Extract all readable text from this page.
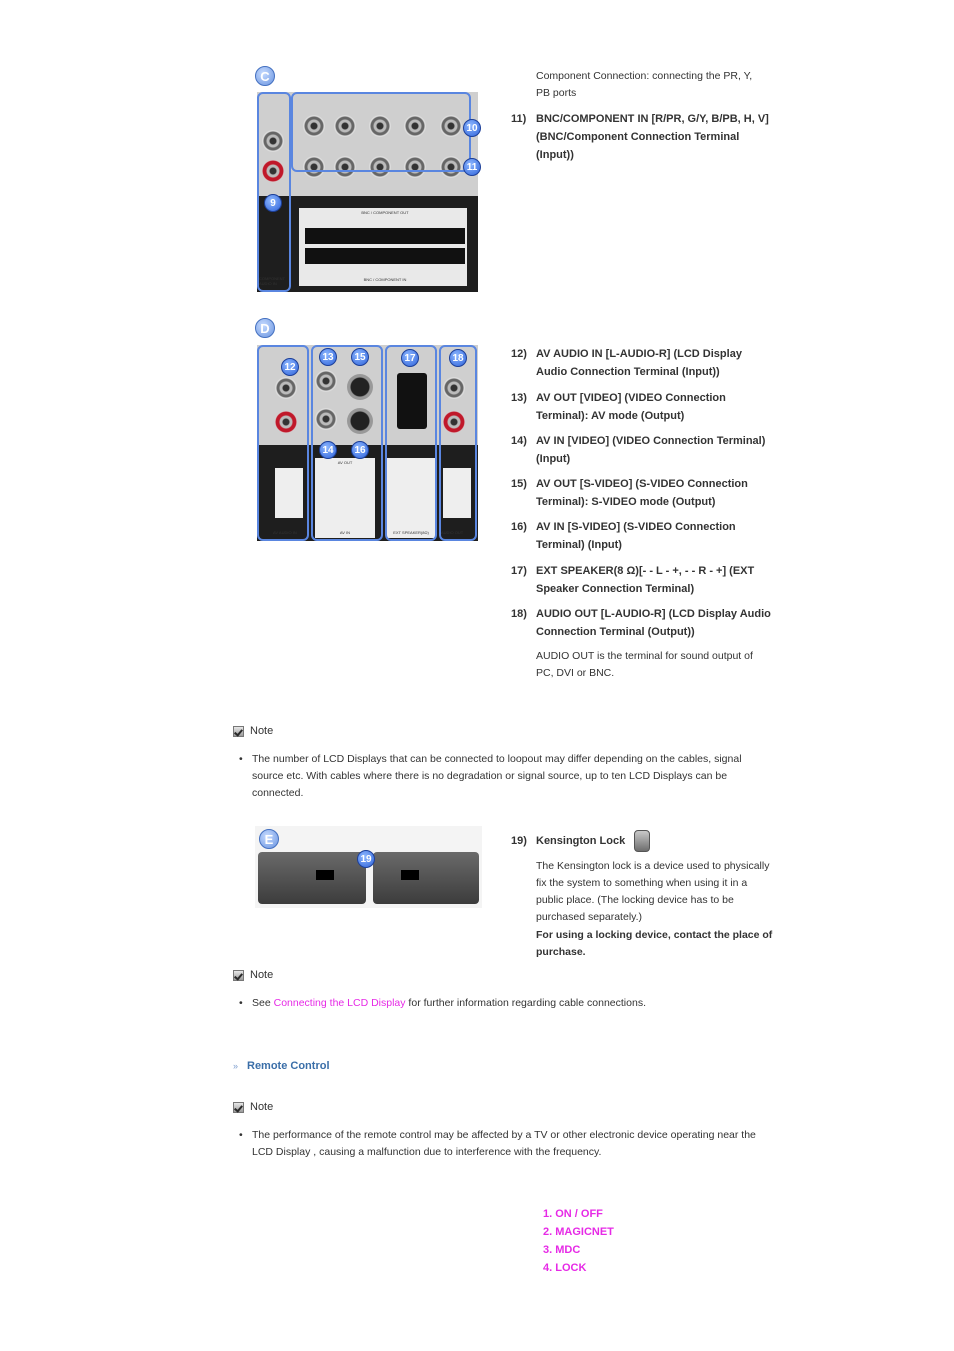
C
BNC / COMPONENT OUT
BNC / COMPONENT IN
COMPONENT AUDIO IN
9
10
11
Component Connection: connecting the PR, Y, PB ports
11) BNC/COMPONENT IN [R/PR, G/Y, B/PB, H, V] (BNC/Component Connection Terminal (Input))
D
AV OUT
AV IN	EXT SPEAKER(8Ω)
AV AUDIO IN	AUDIO OUT
12
13	15	17	18
14	16
12) AV AUDIO IN [L-AUDIO-R] (LCD Display Audio Connection Terminal (Input))
13) AV OUT [VIDEO] (VIDEO Connection Terminal): AV mode (Output)
14) AV IN [VIDEO] (VIDEO Connection Terminal) (Input)
15) AV OUT [S-VIDEO] (S-VIDEO Connection Terminal): S-VIDEO mode (Output)
16) AV IN [S-VIDEO] (S-VIDEO Connection Terminal) (Input)
17) EXT SPEAKER(8 Ω)[- - L - +, - - R - +] (EXT Speaker Connection Terminal)
18) AUDIO OUT [L-AUDIO-R] (LCD Display Audio Connection Terminal (Output))
AUDIO OUT is the terminal for sound output of PC, DVI or BNC.
Note
• The number of LCD Displays that can be connected to loopout may differ depending on the cables, signal source etc. With cables where there is no degradation or signal source, up to ten LCD Displays can be connected.
E
19
19) Kensington Lock
The Kensington lock is a device used to physically fix the system to something when using it in a public place. (The locking device has to be purchased separately.)
For using a locking device, contact the place of purchase.
Note
• See Connecting the LCD Display for further information regarding cable connections.
» Remote Control
Note
• The performance of the remote control may be affected by a TV or other electronic device operating near the LCD Display , causing a malfunction due to interference with the frequency.
1. ON / OFF
2. MAGICNET
3. MDC
4. LOCK
